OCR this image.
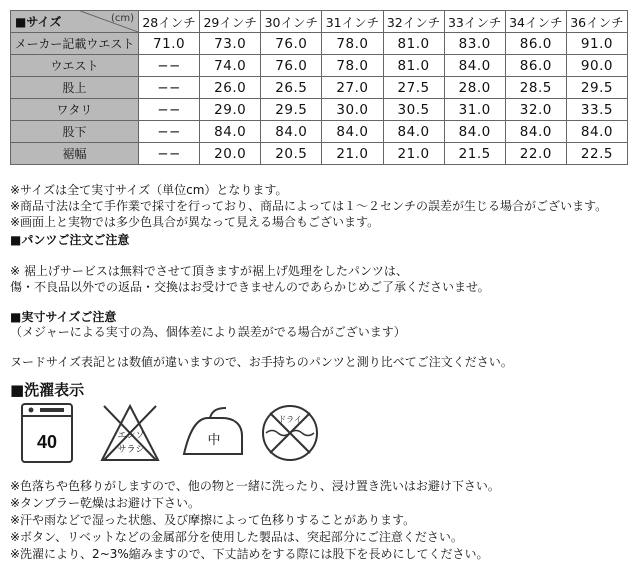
■サイズ (cm)	28インチ	29インチ	30インチ	31インチ	32インチ	33インチ	34インチ	36インチ
メーカー記載ウエスト	71.0	73.0	76.0	78.0	81.0	83.0	86.0	91.0
ウエスト	−−	74.0	76.0	78.0	81.0	84.0	86.0	90.0
股上	−−	26.0	26.5	27.0	27.5	28.0	28.5	29.5
ワタリ	−−	29.0	29.5	30.0	30.5	31.0	32.0	33.5
股下	−−	84.0	84.0	84.0	84.0	84.0	84.0	84.0
裾幅	−−	20.0	20.5	21.0	21.0	21.5	22.0	22.5
※サイズは全て実寸サイズ（単位cm）となります。
※商品寸法は全て手作業で採寸を行っており、商品によっては１～２センチの誤差が生じる場合がございます。
※画面上と実物では多少色具合が異なって見える場合もございます。
■パンツご注文ご注意
※ 裾上げサービスは無料でさせて頂きますが裾上げ処理をしたパンツは、
傷・不良品以外での返品・交換はお受けできませんのであらかじめご了承くださいませ。
■実寸サイズご注意
（メジャーによる実寸の為、個体差により誤差がでる場合がございます）
ヌードサイズ表記とは数値が違いますので、お手持ちのパンツと測り比べてご注文ください。
■洗濯表示
40	エンソ
サラシ
中
ドライ
※色落ちや色移りがしますので、他の物と一緒に洗ったり、浸け置き洗いはお避け下さい。
※タンブラー乾燥はお避け下さい。
※汗や雨などで湿った状態、及び摩擦によって色移りすることがあります。
※ボタン、リベットなどの金属部分を使用した製品は、突起部分にご注意ください。
※洗濯により、2~3%縮みますので、下丈詰めをする際には股下を長めにしてください。
